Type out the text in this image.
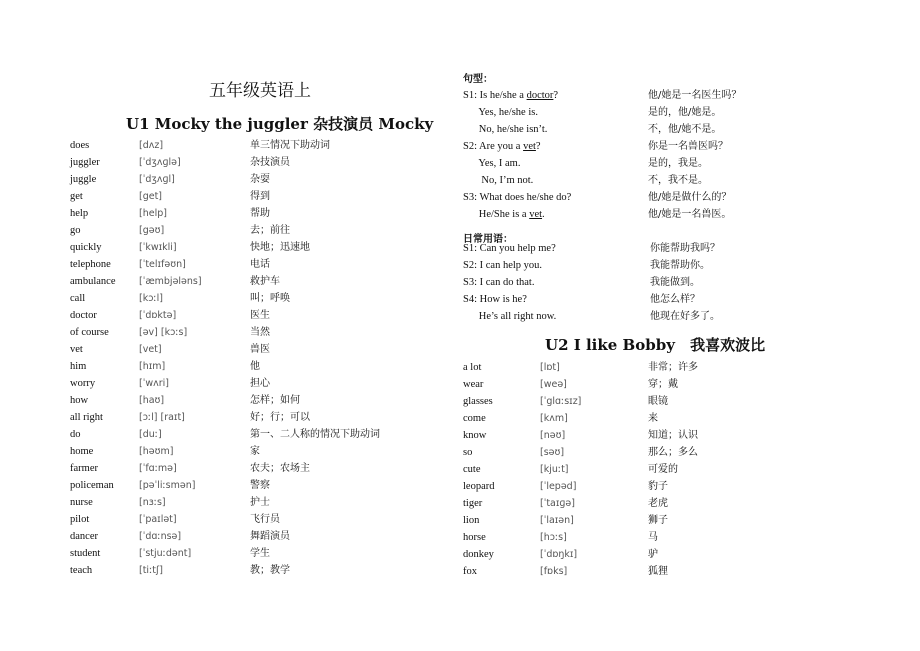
五年级英语上
U1 Mocky the juggler 杂技演员 Mocky
does	[dʌz]	单三情况下助动词
juggler	[ˈdʒʌɡlə]	杂技演员
juggle	[ˈdʒʌɡl]	杂耍
get	[get]	得到
help	[help]	帮助
go	[gəʊ]	去；前往
quickly	[ˈkwɪkli]	快地；迅速地
telephone	[ˈtelɪfəʊn]	电话
ambulance [ˈæmbjələns]	救护车
call	[kɔːl]	叫；呼唤
doctor	[ˈdɒktə]	医生
of course	[əv] [kɔːs]	当然
vet	[vet]	兽医
him	[hɪm]	他
worry	[ˈwʌri]	担心
how	[haʊ]	怎样；如何
all right	[ɔːl] [raɪt]	好；行；可以
do	[duː]	第一、二人称的情况下助动词
home	[həʊm]	家
farmer	[ˈfɑːmə]	农夫；农场主
policeman	[pəˈliːsmən]	警察
nurse	[nɜːs]	护士
pilot	[ˈpaɪlət]	飞行员
dancer	[ˈdɑːnsə]	舞蹈演员
student	[ˈstjuːdənt]	学生
teach	[tiːtʃ]	教；教学
句型：
S1: Is he/she a doctor?	他/她是一名医生吗？
Yes, he/she is.	是的，他/她是。
No, he/she isn’t.	不，他/她不是。
S2: Are you a vet?	你是一名兽医吗？
Yes, I am.	是的，我是。
No, I’m not.	不，我不是。
S3: What does he/she do?	他/她是做什么的？
He/She is a vet.	他/她是一名兽医。
日常用语：
S1: Can you help me?	你能帮助我吗？
S2: I can help you.	我能帮助你。
S3: I can do that.	我能做到。
S4: How is he?	他怎么样？
He’s all right now.	他现在好多了。
U2 I like Bobby 我喜欢波比
a lot	[lɒt]	非常；许多
wear	[weə]	穿；戴
glasses	[ˈglɑːsɪz]	眼镜
come	[kʌm]	来
know	[nəʊ]	知道；认识
so	[səʊ]	那么；多么
cute	[kjuːt]	可爱的
leopard	[ˈlepəd]	豹子
tiger	[ˈtaɪɡə]	老虎
lion	[ˈlaɪən]	狮子
horse	[hɔːs]	马
donkey	[ˈdɒŋkɪ]	驴
fox	[fɒks]	狐狸
